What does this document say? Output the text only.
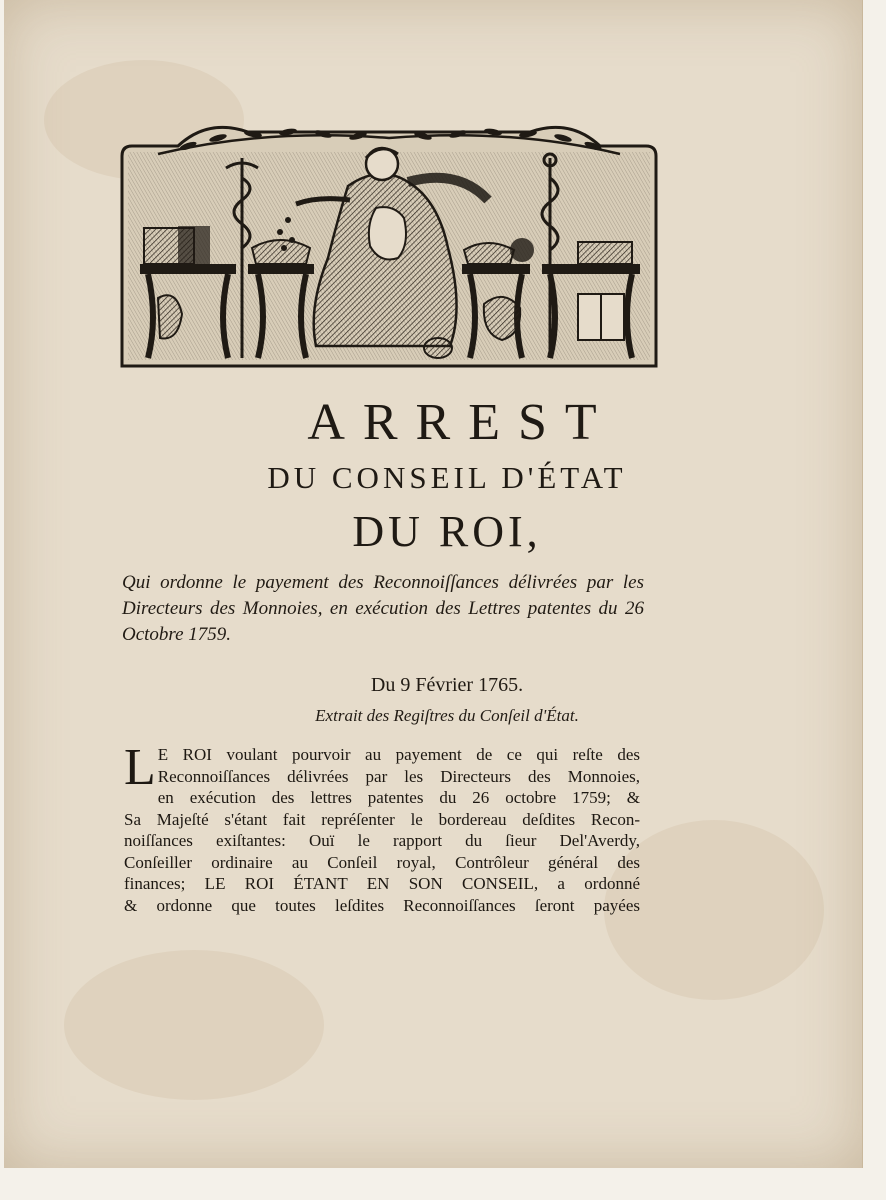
ARREST
DU CONSEIL D'ÉTAT
DU ROI,
Qui ordonne le payement des Reconnoiſſances délivrées par les Directeurs des Monnoies, en exécution des Lettres patentes du 26 Octobre 1759.
Du 9 Février 1765.
Extrait des Regiſtres du Conſeil d'État.
L E ROI voulant pourvoir au payement de ce qui reſte des
Reconnoiſſances délivrées par les Directeurs des Monnoies,
en exécution des lettres patentes du 26 octobre 1759; &
Sa Majeſté s'étant fait repréſenter le bordereau deſdites Recon-
noiſſances exiſtantes: Ouï le rapport du ſieur Del'Averdy,
Conſeiller ordinaire au Conſeil royal, Contrôleur général des
finances; LE ROI ÉTANT EN SON CONSEIL, a ordonné
& ordonne que toutes leſdites Reconnoiſſances ſeront payées
